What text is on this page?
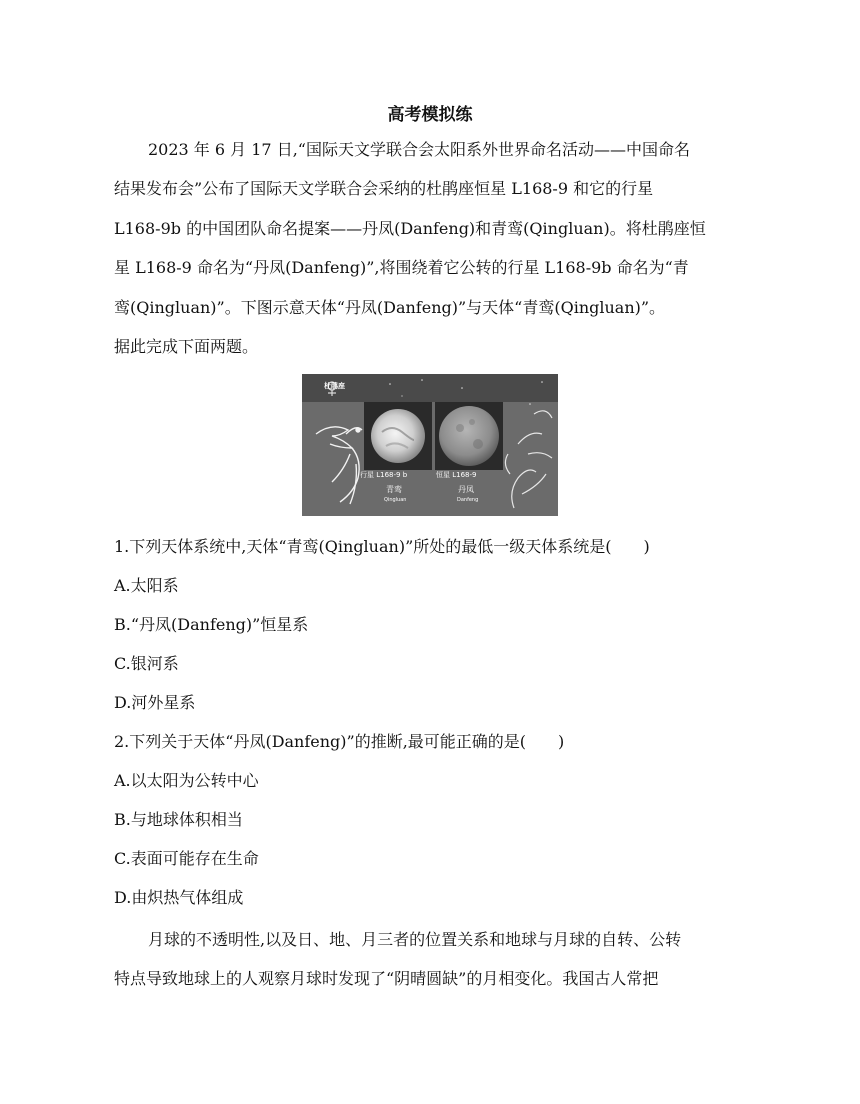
高考模拟练
2023 年 6 月 17 日,“国际天文学联合会太阳系外世界命名活动——中国命名
结果发布会”公布了国际天文学联合会采纳的杜鹃座恒星 L168-9 和它的行星
L168-9b 的中国团队命名提案——丹凤(Danfeng)和青鸾(Qingluan)。将杜鹃座恒
星 L168-9 命名为“丹凤(Danfeng)”,将围绕着它公转的行星 L168-9b 命名为“青
鸾(Qingluan)”。下图示意天体“丹凤(Danfeng)”与天体“青鸾(Qingluan)”。
据此完成下面两题。
杜鹃座
行星 L168-9 b
青鸾
Qingluan
恒星 L168-9
丹凤
Danfeng
1.下列天体系统中,天体“青鸾(Qingluan)”所处的最低一级天体系统是(　　)
A.太阳系
B.“丹凤(Danfeng)”恒星系
C.银河系
D.河外星系
2.下列关于天体“丹凤(Danfeng)”的推断,最可能正确的是(　　)
A.以太阳为公转中心
B.与地球体积相当
C.表面可能存在生命
D.由炽热气体组成
月球的不透明性,以及日、地、月三者的位置关系和地球与月球的自转、公转
特点导致地球上的人观察月球时发现了“阴晴圆缺”的月相变化。我国古人常把
